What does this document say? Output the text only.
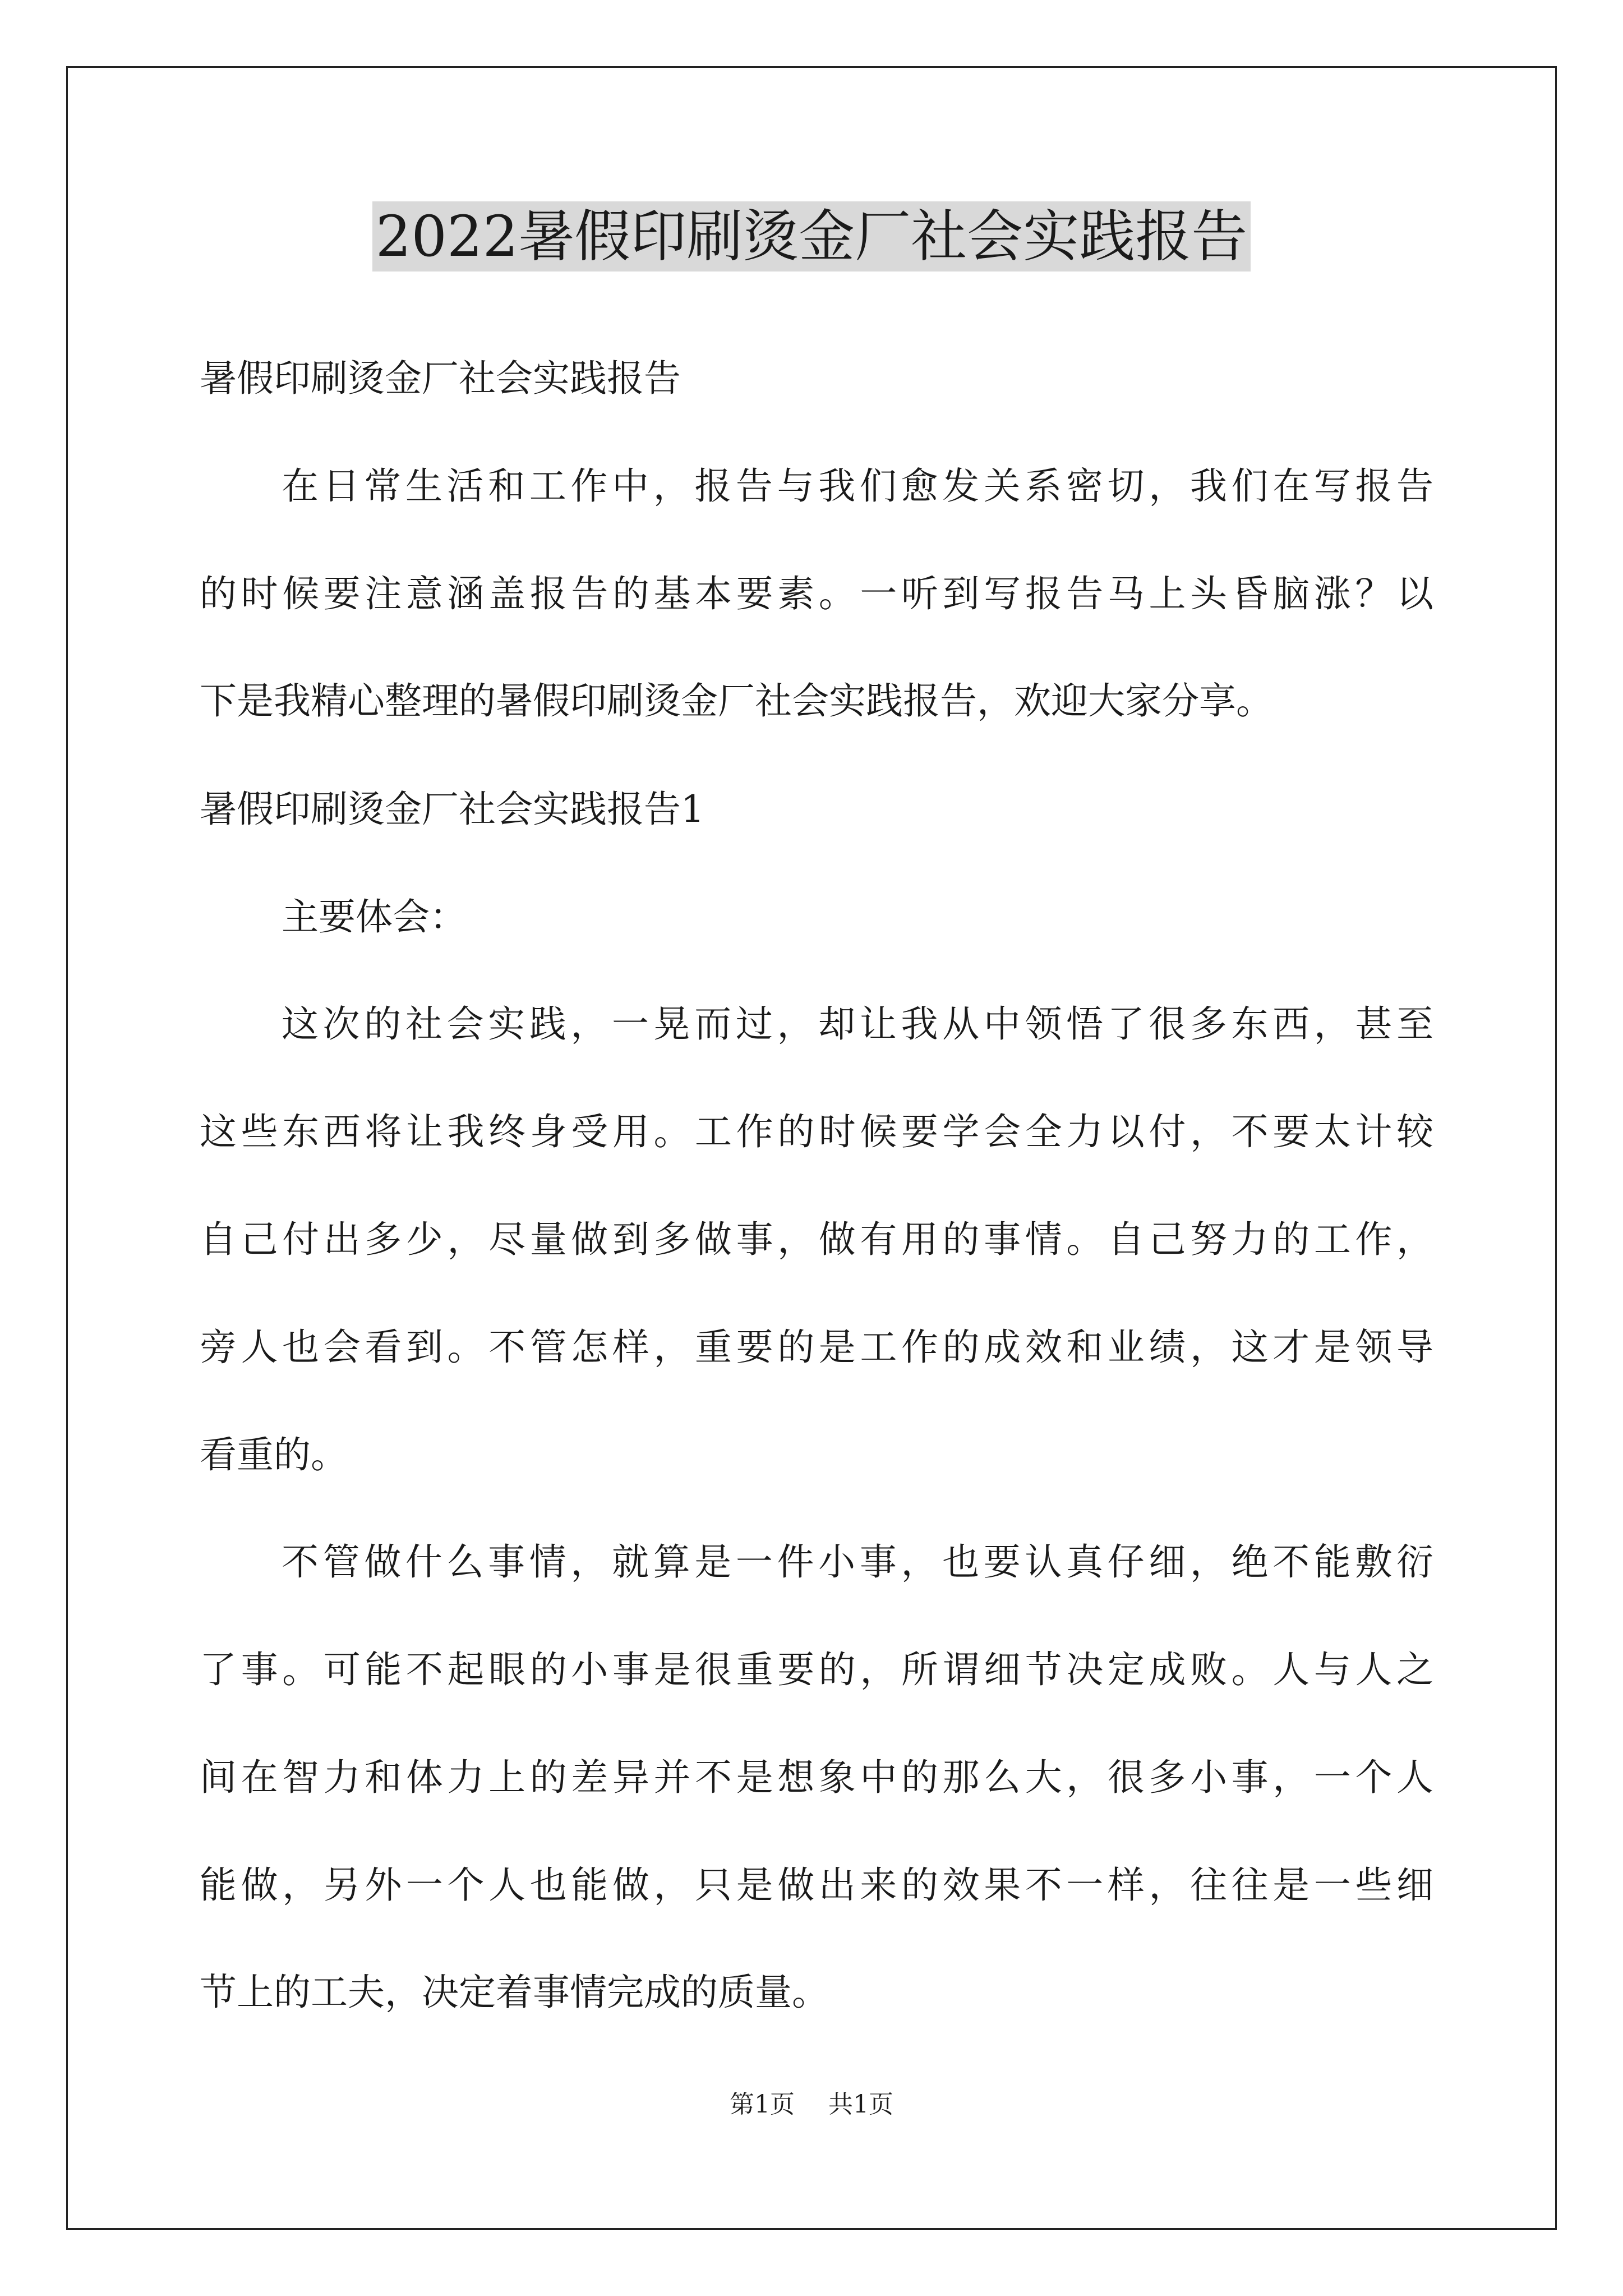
2022暑假印刷烫金厂社会实践报告

暑假印刷烫金厂社会实践报告

在日常生活和工作中，报告与我们愈发关系密切，我们在写报告

的时候要注意涵盖报告的基本要素。一听到写报告马上头昏脑涨？以

下是我精心整理的暑假印刷烫金厂社会实践报告，欢迎大家分享。

暑假印刷烫金厂社会实践报告1

主要体会：

这次的社会实践，一晃而过，却让我从中领悟了很多东西，甚至

这些东西将让我终身受用。工作的时候要学会全力以付，不要太计较

自己付出多少，尽量做到多做事，做有用的事情。自己努力的工作，

旁人也会看到。不管怎样，重要的是工作的成效和业绩，这才是领导

看重的。

不管做什么事情，就算是一件小事，也要认真仔细，绝不能敷衍

了事。可能不起眼的小事是很重要的，所谓细节决定成败。人与人之

间在智力和体力上的差异并不是想象中的那么大，很多小事，一个人

能做，另外一个人也能做，只是做出来的效果不一样，往往是一些细

节上的工夫，决定着事情完成的质量。

第1页 共1页
